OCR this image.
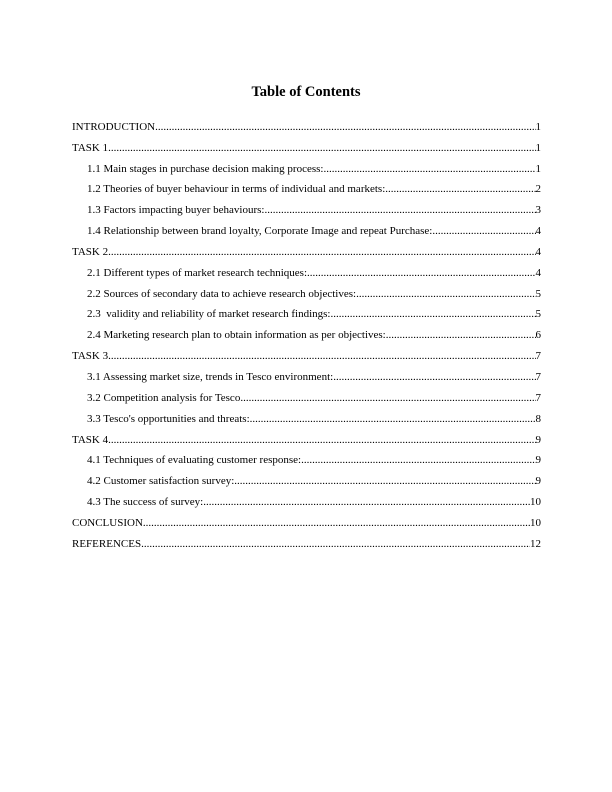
Table of Contents
INTRODUCTION .....	1
TASK 1 .....	1
1.1 Main stages in purchase decision making process: .....	1
1.2 Theories of buyer behaviour in terms of individual and markets: .....	2
1.3 Factors impacting buyer behaviours: .....	3
1.4 Relationship between brand loyalty, Corporate Image and repeat Purchase: .....	4
TASK 2 .....	4
2.1 Different types of market research techniques: .....	4
2.2 Sources of secondary data to achieve research objectives: .....	5
2.3  validity and reliability of market research findings: .....	5
2.4 Marketing research plan to obtain information as per objectives: .....	6
TASK 3 .....	7
3.1 Assessing market size, trends in Tesco environment: .....	7
3.2 Competition analysis for Tesco .....	7
3.3 Tesco's opportunities and threats: .....	8
TASK 4 .....	9
4.1 Techniques of evaluating customer response: .....	9
4.2 Customer satisfaction survey: .....	9
4.3 The success of survey: .....	10
CONCLUSION .....	10
REFERENCES .....	12
